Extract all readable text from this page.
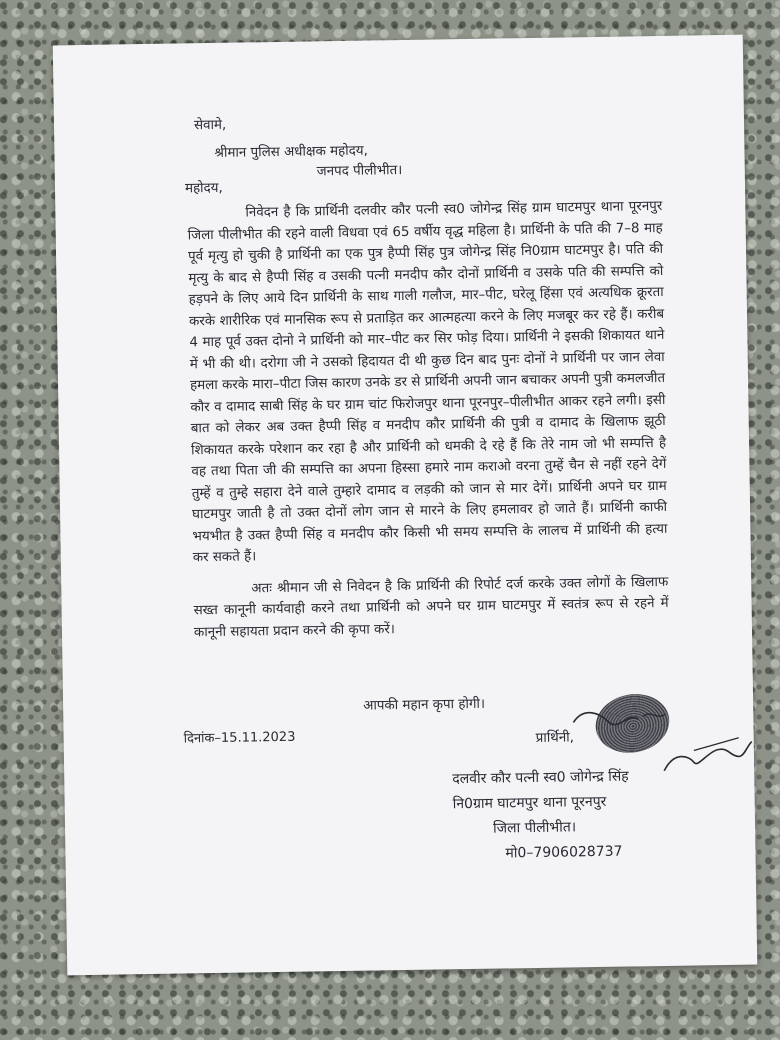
सेवामे,
श्रीमान पुलिस अधीक्षक महोदय,
जनपद पीलीभीत।
महोदय,

निवेदन है कि प्रार्थिनी दलवीर कौर पत्नी स्व0 जोगेन्द्र सिंह ग्राम घाटमपुर थाना पूरनपुर जिला पीलीभीत की रहने वाली विधवा एवं 65 वर्षीय वृद्ध महिला है। प्रार्थिनी के पति की 7–8 माह पूर्व मृत्यु हो चुकी है प्रार्थिनी का एक पुत्र हैप्पी सिंह पुत्र जोगेन्द्र सिंह नि0ग्राम घाटमपुर है। पति की मृत्यु के बाद से हैप्पी सिंह व उसकी पत्नी मनदीप कौर दोनों प्रार्थिनी व उसके पति की सम्पत्ति को हड़पने के लिए आये दिन प्रार्थिनी के साथ गाली गलौज, मार–पीट, घरेलू हिंसा एवं अत्यधिक क्रूरता करके शारीरिक एवं मानसिक रूप से प्रताड़ित कर आत्महत्या करने के लिए मजबूर कर रहे हैं। करीब 4 माह पूर्व उक्त दोनो ने प्रार्थिनी को मार–पीट कर सिर फोड़ दिया। प्रार्थिनी ने इसकी शिकायत थाने में भी की थी। दरोगा जी ने उसको हिदायत दी थी कुछ दिन बाद पुनः दोनों ने प्रार्थिनी पर जान लेवा हमला करके मारा–पीटा जिस कारण उनके डर से प्रार्थिनी अपनी जान बचाकर अपनी पुत्री कमलजीत कौर व दामाद साबी सिंह के घर ग्राम चांट फिरोजपुर थाना पूरनपुर–पीलीभीत आकर रहने लगी। इसी बात को लेकर अब उक्त हैप्पी सिंह व मनदीप कौर प्रार्थिनी की पुत्री व दामाद के खिलाफ झूठी शिकायत करके परेशान कर रहा है और प्रार्थिनी को धमकी दे रहे हैं कि तेरे नाम जो भी सम्पत्ति है वह तथा पिता जी की सम्पत्ति का अपना हिस्सा हमारे नाम कराओ वरना तुम्हें चैन से नहीं रहने देगें तुम्हें व तुम्हे सहारा देने वाले तुम्हारे दामाद व लड़की को जान से मार देगें। प्रार्थिनी अपने घर ग्राम घाटमपुर जाती है तो उक्त दोनों लोग जान से मारने के लिए हमलावर हो जाते हैं। प्रार्थिनी काफी भयभीत है उक्त हैप्पी सिंह व मनदीप कौर किसी भी समय सम्पत्ति के लालच में प्रार्थिनी की हत्या कर सकते हैं।

अतः श्रीमान जी से निवेदन है कि प्रार्थिनी की रिपोर्ट दर्ज करके उक्त लोगों के खिलाफ सख्त कानूनी कार्यवाही करने तथा प्रार्थिनी को अपने घर ग्राम घाटमपुर में स्वतंत्र रूप से रहने में कानूनी सहायता प्रदान करने की कृपा करें।

आपकी महान कृपा होगी।
दिनांक–15.11.2023	प्रार्थिनी,
दलवीर कौर पत्नी स्व0 जोगेन्द्र सिंह
नि0ग्राम घाटमपुर थाना पूरनपुर
जिला पीलीभीत।
मो0–7906028737
